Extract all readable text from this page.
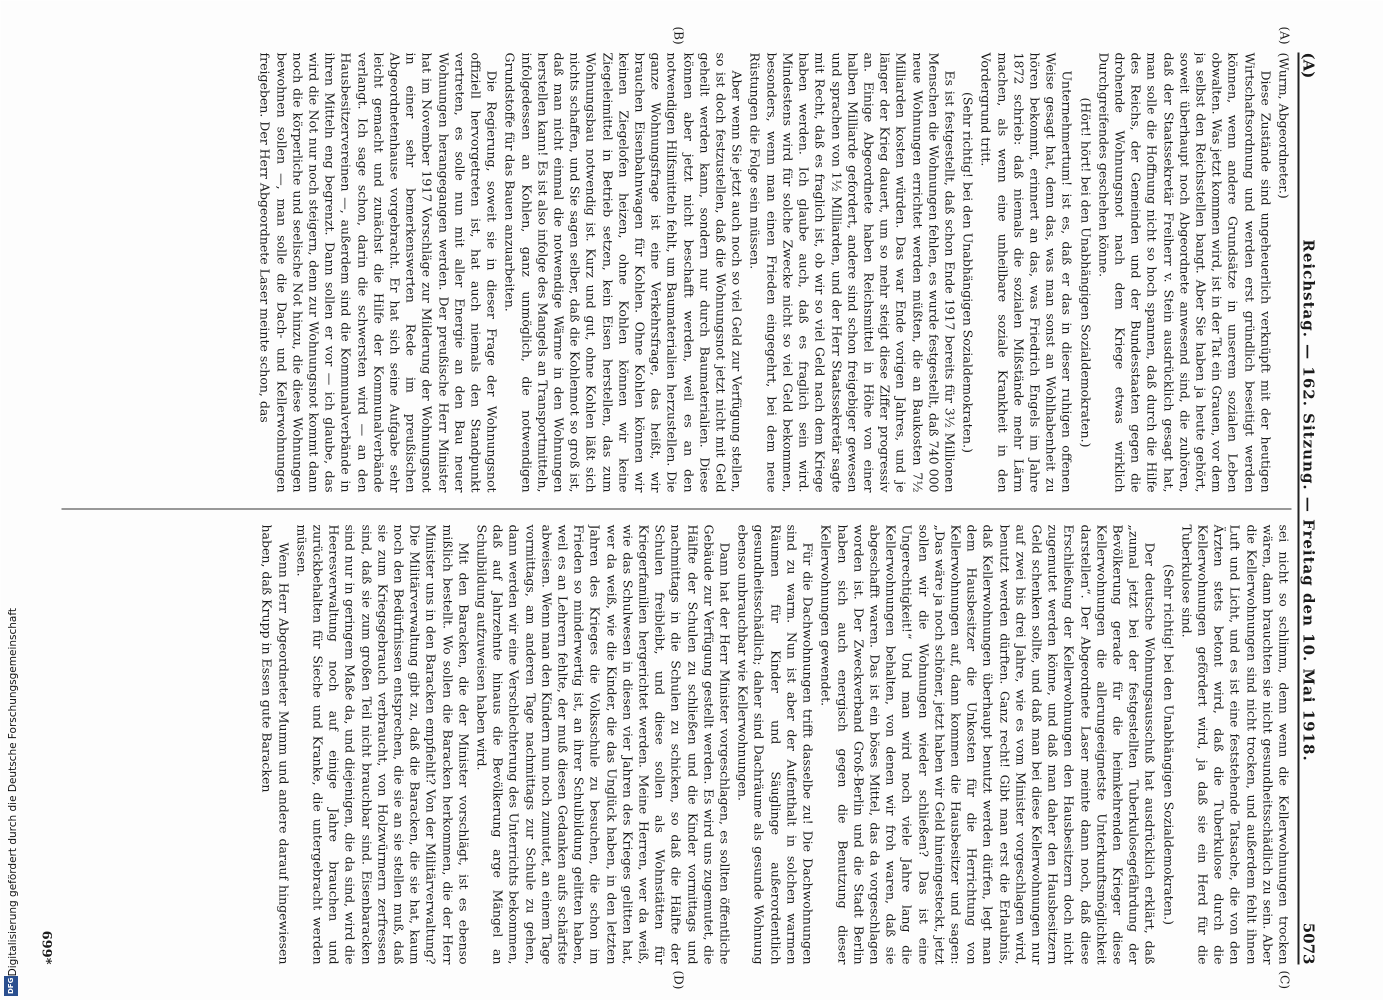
(A)
Reichstag. — 162. Sitzung. — Freitag den 10. Mai 1918.
5073

(Wurm, Abgeordneter.)

Diese Zustände sind ungeheuerlich verknüpft mit der heutigen Wirtschaftsordnung und werden erst gründlich beseitigt werden können, wenn andere Grundsätze in unserem sozialen Leben obwalten. Was jetzt kommen wird, ist in der Tat ein Grauen, vor dem ja selbst den Reichsstellen bangt. Aber Sie haben ja heute gehört, soweit überhaupt noch Abgeordnete anwesend sind, die zuhören, daß der Staatssekretär Freiherr v. Stein ausdrücklich gesagt hat, man solle die Hoffnung nicht so hoch spannen, daß durch die Hilfe des Reichs, der Gemeinden und der Bundesstaaten gegen die drohende Wohnungsnot nach dem Kriege etwas wirklich Durchgreifendes geschehen könne.

(Hört! hört! bei den Unabhängigen Sozialdemokraten.)

Unternehmertum! ist es, daß er das in dieser ruhigen offenen Weise gesagt hat, denn das, was man sonst an Wohlhabenheit zu hören bekommt, erinnert an das, was Friedrich Engels im Jahre 1872 schrieb: daß niemals die sozialen Mißstände mehr Lärm machen, als wenn eine unheilbare soziale Krankheit in den Vordergrund tritt.

(Sehr richtig! bei den Unabhängigen Sozialdemokraten.)

Es ist festgestellt, daß schon Ende 1917 bereits für 3½ Millionen Menschen die Wohnungen fehlen, es wurde festgestellt, daß 740 000 neue Wohnungen errichtet werden müßten, die an Baukosten 7½ Milliarden kosten würden. Das war Ende vorigen Jahres, und je länger der Krieg dauert, um so mehr steigt diese Ziffer progressiv an. Einige Abgeordnete haben Reichsmittel in Höhe von einer halben Milliarde gefordert, andere sind schon freigebiger gewesen und sprachen von 1½ Milliarden, und der Herr Staatssekretär sagte mit Recht, daß es fraglich ist, ob wir so viel Geld nach dem Kriege haben werden. Ich glaube auch, daß es fraglich sein wird. Mindestens wird für solche Zwecke nicht so viel Geld bekommen, besonders, wenn man einen Frieden eingegehrt, bei dem neue Rüstungen die Folge sein müssen.

Aber wenn Sie jetzt auch noch so viel Geld zur Verfügung stellen, so ist doch festzustellen, daß die Wohnungsnot jetzt nicht mit Geld geheilt werden kann, sondern nur durch Baumaterialien. Diese können aber jetzt nicht beschafft werden, weil es an den notwendigen Hilfsmitteln fehlt, um Baumaterialien herzustellen. Die ganze Wohnungsfrage ist eine Verkehrsfrage, das heißt, wir brauchen Eisenbahnwagen für Kohlen. Ohne Kohlen können wir keinen Ziegelofen heizen, ohne Kohlen können wir keine Ziegeleimittel in Betrieb setzen, kein Eisen herstellen, das zum Wohnungsbau notwendig ist. Kurz und gut, ohne Kohlen läßt sich nichts schaffen, und Sie sagen selber, daß die Kohlennot so groß ist, daß man nicht einmal die notwendige Wärme in den Wohnungen herstellen kann! Es ist also infolge des Mangels an Transportmitteln, infolgedessen an Kohlen, ganz unmöglich, die notwendigen Grundstoffe für das Bauen anzuarbeiten.

Die Regierung, soweit sie in dieser Frage der Wohnungsnot offiziell hervorgetreten ist, hat auch niemals den Standpunkt vertreten, es solle nun mit aller Energie an den Bau neuer Wohnungen herangegangen werden. Der preußische Herr Minister hat im November 1917 Vorschläge zur Milderung der Wohnungsnot in einer sehr bemerkenswerten Rede im preußischen Abgeordnetenhause vorgebracht. Er hat sich seine Aufgabe sehr leicht gemacht und zunächst die Hilfe der Kommunalverbände verlangt. Ich sage schon, darin die schwersten wird — an den Hausbesitzervereinen —, außerdem sind die Kommunalverbände in ihren Mitteln eng begrenzt. Dann sollen er vor — ich glaube, das wird die Not nur noch steigern, denn zur Wohnungsnot kommt dann noch die körperliche und seelische Not hinzu, die diese Wohnungen bewohnen sollen —, man solle die Dach- und Kellerwohnungen freigeben. Der Herr Abgeordnete Laser meinte schon, das

sei nicht so schlimm, denn wenn die Kellerwohnungen trocken wären, dann brauchten sie nicht gesundheitsschädlich zu sein. Aber die Kellerwohnungen sind nicht trocken, und außerdem fehlt ihnen Luft und Licht, und es ist eine feststehende Tatsache, die von den Ärzten stets betont wird, daß die Tuberkulose durch die Kellerwohnungen gefördert wird, ja daß sie ein Herd für die Tuberkulose sind.

(Sehr richtig! bei den Unabhängigen Sozialdemokraten.)

Der deutsche Wohnungsausschuß hat ausdrücklich erklärt, daß „zumal jetzt bei der festgestellten Tuberkulosegefährdung der Bevölkerung gerade für die heimkehrenden Krieger diese Kellerwohnungen die allerungeeignetste Unterkunftsmöglichkeit darstellen“. Der Abgeordnete Laser meinte dann noch, daß diese Erschließung der Kellerwohnungen den Hausbesitzern doch nicht zugemutet werden könne, und daß man daher den Hausbesitzern Geld schenken sollte, und daß man bei diese Kellerwohnungen nur auf zwei bis drei Jahre, wie es vom Minister vorgeschlagen wird, benutzt werden dürften. Ganz recht! Gibt man erst die Erlaubnis, daß Kellerwohnungen überhaupt benutzt werden dürfen, legt man dem Hausbesitzer die Unkosten für die Herrichtung von Kellerwohnungen auf, dann kommen die Hausbesitzer und sagen: „Das wäre ja noch schöner, jetzt haben wir Geld hineingesteckt, jetzt sollen wir die Wohnungen wieder schließen? Das ist eine Ungerechtigkeit!“ Und man wird noch viele Jahre lang die Kellerwohnungen behalten, von denen wir froh waren, daß sie abgeschafft waren. Das ist ein böses Mittel, das da vorgeschlagen worden ist. Der Zweckverband Groß-Berlin und die Stadt Berlin haben sich auch energisch gegen die Benutzung dieser Kellerwohnungen gewendet.

Für die Dachwohnungen trifft dasselbe zu! Die Dachwohnungen sind zu warm. Nun ist aber der Aufenthalt in solchen warmen Räumen für Kinder und Säuglinge außerordentlich gesundheitsschädlich; daher sind Dachräume als gesunde Wohnung ebenso unbrauchbar wie Kellerwohnungen.

Dann hat der Herr Minister vorgeschlagen, es sollten öffentliche Gebäude zur Verfügung gestellt werden. Es wird uns zugemutet, die Hälfte der Schulen zu schließen und die Kinder vormittags und nachmittags in die Schulen zu schicken, so daß die Hälfte der Schulen freibleibt, und diese sollen als Wohnstätten für Kriegerfamilien hergerichtet werden. Meine Herren, wer da weiß, wie das Schulwesen in diesen vier Jahren des Krieges gelitten hat, wer da weiß, wie die Kinder, die das Unglück haben, in den letzten Jahren des Krieges die Volksschule zu besuchen, die schon im Frieden so minderwertig ist, an ihrer Schulbildung gelitten haben, weil es an Lehrern fehlte, der muß diesen Gedanken aufs schärfste abweisen. Wenn man den Kindern nun noch zumutet, an einem Tage vormittags, am anderen Tage nachmittags zur Schule zu gehen, dann werden wir eine Verschlechterung des Unterrichts bekommen, daß auf Jahrzehnte hinaus die Bevölkerung arge Mängel an Schulbildung aufzuweisen haben wird.

Mit den Baracken, die der Minister vorschlägt, ist es ebenso mißlich bestellt. Wo sollen die Baracken herkommen, die der Herr Minister uns in den Baracken empfiehlt? Von der Militärverwaltung? Die Militärverwaltung gibt zu, daß die Baracken, die sie hat, kaum noch den Bedürfnissen entsprechen, die sie an sie stellen muß, daß sie zum Kriegsgebrauch verbraucht, von Holzwürmern zerfressen sind, daß sie zum großen Teil nicht brauchbar sind. Eisenbaracken sind nur in geringem Maße da, und diejenigen, die da sind, wird die Heeresverwaltung noch auf einige Jahre brauchen und zurückbehalten für Sieche und Kranke, die untergebracht werden müssen.

Wenn Herr Abgeordneter Mumm und andere darauf hingewiesen haben, daß Krupp in Essen gute Baracken

(A)
(B)
(C)
(D)
699*
Digitalisierung gefördert durch die Deutsche Forschungsgemeinschaft
DFG
